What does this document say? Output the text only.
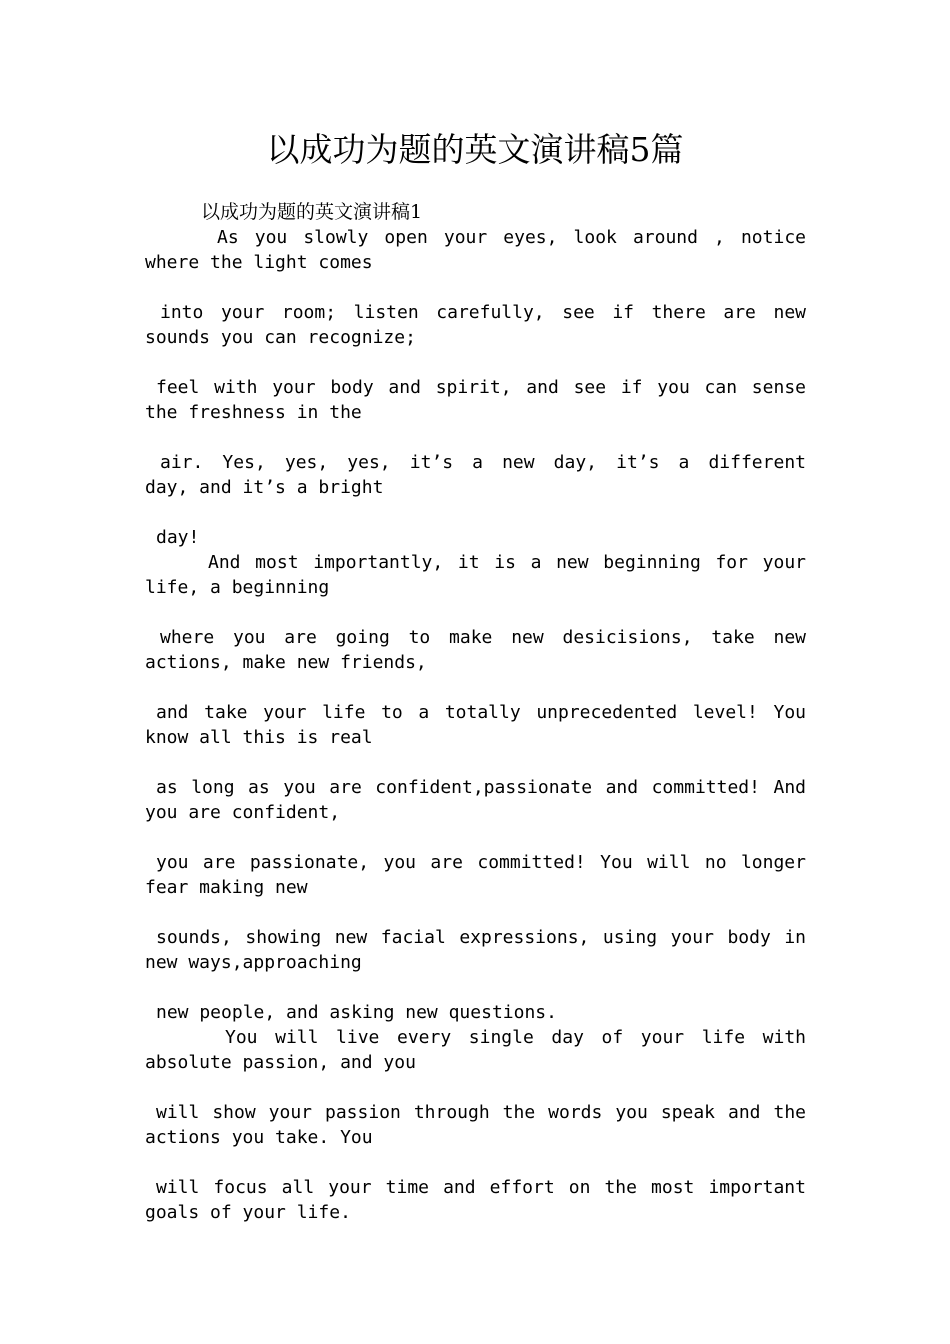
以成功为题的英文演讲稿5篇
以成功为题的英文演讲稿1
As you slowly open your eyes, look around , notice
where the light comes
into your room; listen carefully, see if there are new
sounds you can recognize;
feel with your body and spirit, and see if you can sense
the freshness in the
air. Yes, yes, yes, it’s a new day, it’s a different
day, and it’s a bright
day!
And most importantly, it is a new beginning for your
life, a beginning
where you are going to make new desicisions, take new
actions, make new friends,
and take your life to a totally unprecedented level! You
know all this is real
as long as you are confident,passionate and committed! And
you are confident,
you are passionate, you are committed! You will no longer
fear making new
sounds, showing new facial expressions, using your body in
new ways,approaching
new people, and asking new questions.
You will live every single day of your life with
absolute passion, and you
will show your passion through the words you speak and the
actions you take. You
will focus all your time and effort on the most important
goals of your life.
